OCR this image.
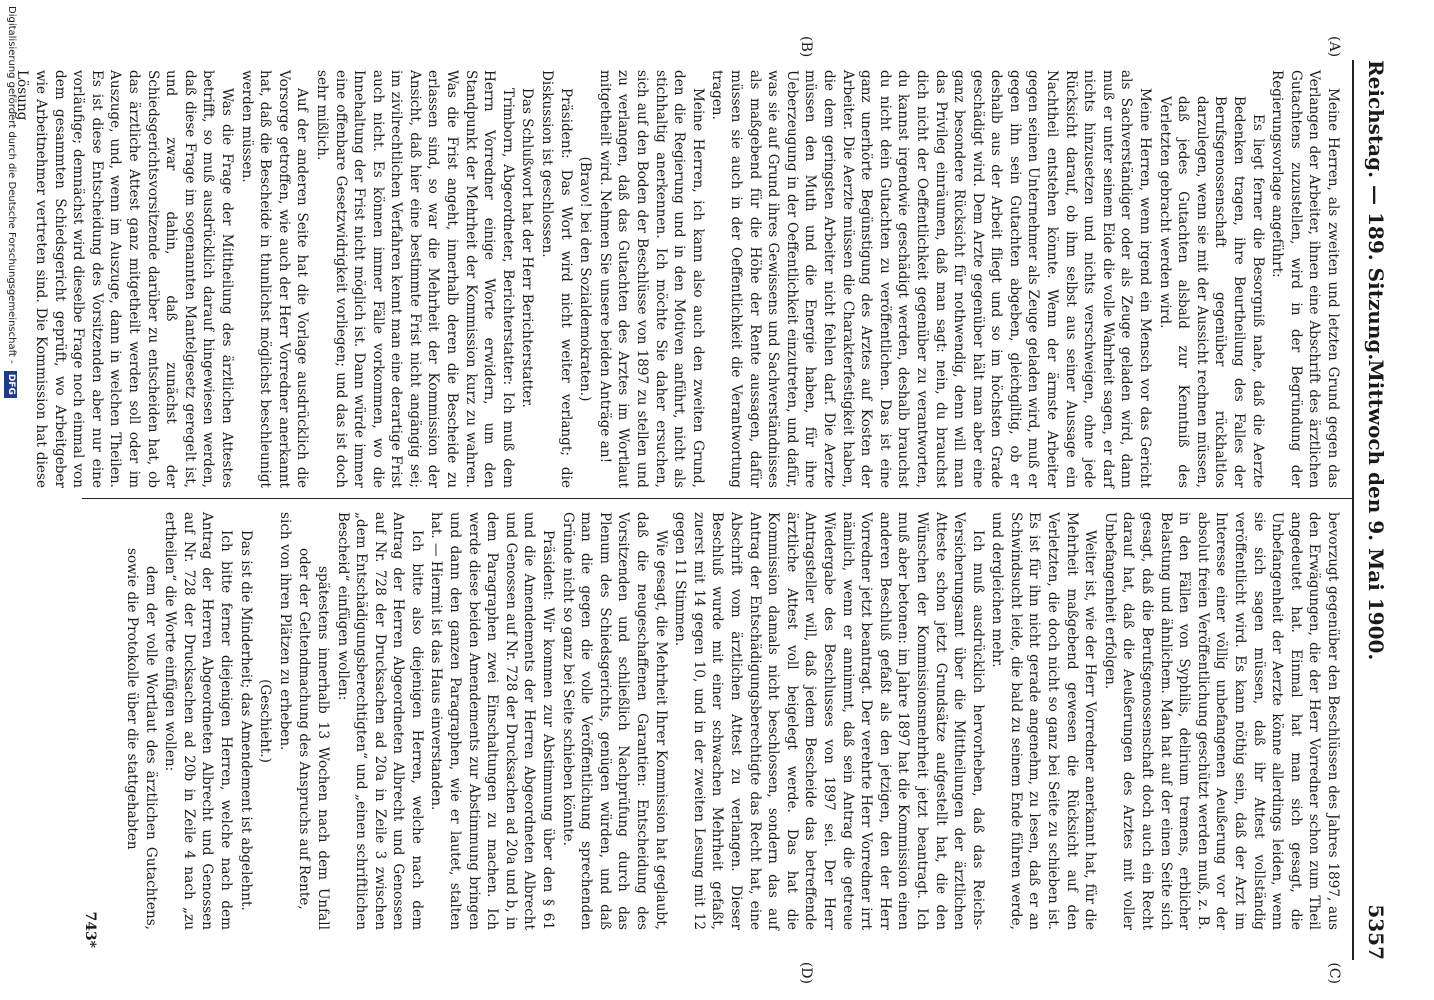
Reichstag. — 189. Sitzung.
Mittwoch den 9. Mai 1900.
5357
(A)
(B)
(C)
(D)

Meine Herren, als zweiten und letzten Grund gegen das Verlangen der Arbeiter, ihnen eine Abschrift des ärztlichen Gutachtens zuzustellen, wird in der Begründung der Regierungsvorlage angeführt:

Es liegt ferner die Besorgniß nahe, daß die Aerzte Bedenken tragen, ihre Beurtheilung des Falles der Berufsgenossenschaft gegenüber rückhaltlos darzulegen, wenn sie mit der Aussicht rechnen müssen, daß jedes Gutachten alsbald zur Kenntniß des Verletzten gebracht werden wird.

Meine Herren, wenn irgend ein Mensch vor das Gericht als Sachverständiger oder als Zeuge geladen wird, dann muß er unter seinem Eide die volle Wahrheit sagen, er darf nichts hinzusetzen und nichts verschweigen, ohne jede Rücksicht darauf, ob ihm selbst aus seiner Aussage ein Nachtheil entstehen könnte. Wenn der ärmste Arbeiter gegen seinen Unternehmer als Zeuge geladen wird, muß er gegen ihn sein Gutachten abgeben, gleichgiltig, ob er deshalb aus der Arbeit fliegt und so im höchsten Grade geschädigt wird. Dem Arzte gegenüber hält man aber eine ganz besondere Rücksicht für nothwendig, denn will man das Privileg einräumen, daß man sagt: nein, du brauchst dich nicht der Oeffentlichkeit gegenüber zu verantworten, du kannst irgendwie geschädigt werden, deshalb brauchst du nicht dein Gutachten zu veröffentlichen. Das ist eine ganz unerhörte Begünstigung des Arztes auf Kosten der Arbeiter. Die Aerzte müssen die Charakterfestigkeit haben, die dem geringsten Arbeiter nicht fehlen darf. Die Aerzte müssen den Muth und die Energie haben, für ihre Ueberzeugung in der Oeffentlichkeit einzutreten, und dafür, was sie auf Grund ihres Gewissens und Sachverständnisses als maßgebend für die Höhe der Rente aussagen, dafür müssen sie auch in der Oeffentlichkeit die Verantwortung tragen.

Meine Herren, ich kann also auch den zweiten Grund, den die Regierung und in den Motiven anführt, nicht als stichhaltig anerkennen. Ich möchte Sie daher ersuchen, sich auf den Boden der Beschlüsse von 1897 zu stellen und zu verlangen, daß das Gutachten des Arztes im Wortlaut mitgetheilt wird. Nehmen Sie unsere beiden Anträge an!

(Bravo! bei den Sozialdemokraten.)

Präsident: Das Wort wird nicht weiter verlangt; die Diskussion ist geschlossen.

Das Schlußwort hat der Herr Berichterstatter.

Trimborn, Abgeordneter, Berichterstatter: Ich muß dem Herrn Vorredner einige Worte erwidern, um den Standpunkt der Mehrheit der Kommission kurz zu wahren. Was die Frist angeht, innerhalb deren die Bescheide zu erlassen sind, so war die Mehrheit der Kommission der Ansicht, daß hier eine bestimmte Frist nicht angängig sei; im zivilrechtlichen Verfahren kennt man eine derartige Frist auch nicht. Es können immer Fälle vorkommen, wo die Innehaltung der Frist nicht möglich ist. Dann würde immer eine offenbare Gesetzwidrigkeit vorliegen; und das ist doch sehr mißlich.

Auf der anderen Seite hat die Vorlage ausdrücklich die Vorsorge getroffen, wie auch der Herr Vorredner anerkannt hat, daß die Bescheide in thunlichst möglichst beschleunigt werden müssen.

Was die Frage der Mittheilung des ärztlichen Attestes betrifft, so muß ausdrücklich darauf hingewiesen werden, daß diese Frage im sogenannten Mantelgesetz geregelt ist, und zwar dahin, daß zunächst der Schiedsgerichtsvorsitzende darüber zu entscheiden hat, ob das ärztliche Attest ganz mitgetheilt werden soll oder im Auszuge, und, wenn im Auszuge, dann in welchen Theilen. Es ist diese Entscheidung des Vorsitzenden aber nur eine vorläufige; demnächst wird dieselbe Frage noch einmal von dem gesammten Schiedsgericht geprüft, wo Arbeitgeber wie Arbeitnehmer vertreten sind. Die Kommission hat diese Lösung

bevorzugt gegenüber den Beschlüssen des Jahres 1897, aus den Erwägungen, die der Herr Vorredner schon zum Theil angedeutet hat. Einmal hat man sich gesagt, die Unbefangenheit der Aerzte könne allerdings leiden, wenn sie sich sagen müssen, daß ihr Attest vollständig veröffentlicht wird. Es kann nöthig sein, daß der Arzt im Interesse einer völlig unbefangenen Aeußerung vor der absolut freien Veröffentlichung geschützt werden muß, z. B. in den Fällen von Syphilis, delirium tremens, erblicher Belastung und ähnlichem. Man hat auf der einen Seite sich gesagt, daß die Berufsgenossenschaft doch auch ein Recht darauf hat, daß die Aeußerungen des Arztes mit voller Unbefangenheit erfolgen.

Weiter ist, wie der Herr Vorredner anerkannt hat, für die Mehrheit maßgebend gewesen die Rücksicht auf den Verletzten, die doch nicht so ganz bei Seite zu schieben ist. Es ist für ihn nicht gerade angenehm, zu lesen, daß er an Schwindsucht leide, die bald zu seinem Ende führen werde, und dergleichen mehr.

Ich muß ausdrücklich hervorheben, daß das Reichs-Versicherungsamt über die Mittheilungen der ärztlichen Atteste schon jetzt Grundsätze aufgestellt hat, die den Wünschen der Kommissionsmehrheit jetzt beantragt. Ich muß aber betonen: im Jahre 1897 hat die Kommission einen anderen Beschluß gefaßt als den jetzigen, den der Herr Vorredner jetzt beantragt. Der verehrte Herr Vorredner irrt nämlich, wenn er annimmt, daß sein Antrag die getreue Wiedergabe des Beschlusses von 1897 sei. Der Herr Antragsteller will, daß jedem Bescheide das betreffende ärztliche Attest voll beigelegt werde. Das hat die Kommission damals nicht beschlossen, sondern das auf Antrag der Entschädigungsberechtigte das Recht hat, eine Abschrift vom ärztlichen Attest zu verlangen. Dieser Beschluß wurde mit einer schwachen Mehrheit gefaßt, zuerst mit 14 gegen 10, und in der zweiten Lesung mit 12 gegen 11 Stimmen.

Wie gesagt, die Mehrheit Ihrer Kommission hat geglaubt, daß die neugeschaffenen Garantien: Entscheidung des Vorsitzenden und schließlich Nachprüfung durch das Plenum des Schiedsgerichts, genügen würden, und daß man die gegen die volle Veröffentlichung sprechenden Gründe nicht so ganz bei Seite schieben könnte.

Präsident: Wir kommen zur Abstimmung über den § 61 und die Amendements der Herren Abgeordneten Albrecht und Genossen auf Nr. 728 der Drucksachen ad 20a und b, in dem Paragraphen zwei Einschaltungen zu machen. Ich werde diese beiden Amendements zur Abstimmung bringen und dann den ganzen Paragraphen, wie er lautet, stalten hat. — Hiermit ist das Haus einverstanden.

Ich bitte also diejenigen Herren, welche nach dem Antrag der Herren Abgeordneten Albrecht und Genossen auf Nr. 728 der Drucksachen ad 20a in Zeile 3 zwischen „dem Entschädigungsberechtigten“ und „einen schriftlichen Bescheid“ einfügen wollen:

spätestens innerhalb 13 Wochen nach dem Unfall oder der Geltendmachung des Anspruchs auf Rente,

sich von ihren Plätzen zu erheben.

(Geschieht.)

Das ist die Minderheit; das Amendement ist abgelehnt.

Ich bitte ferner diejenigen Herren, welche nach dem Antrag der Herren Abgeordneten Albrecht und Genossen auf Nr. 728 der Drucksachen ad 20b in Zeile 4 nach „zu ertheilen“ die Worte einfügen wollen:

dem der volle Wortlaut des ärztlichen Gutachtens, sowie die Protokolle über die stattgehabten

743*
Digitalisierung gefördert durch die Deutsche Forschungsgemeinschaft - DFG
